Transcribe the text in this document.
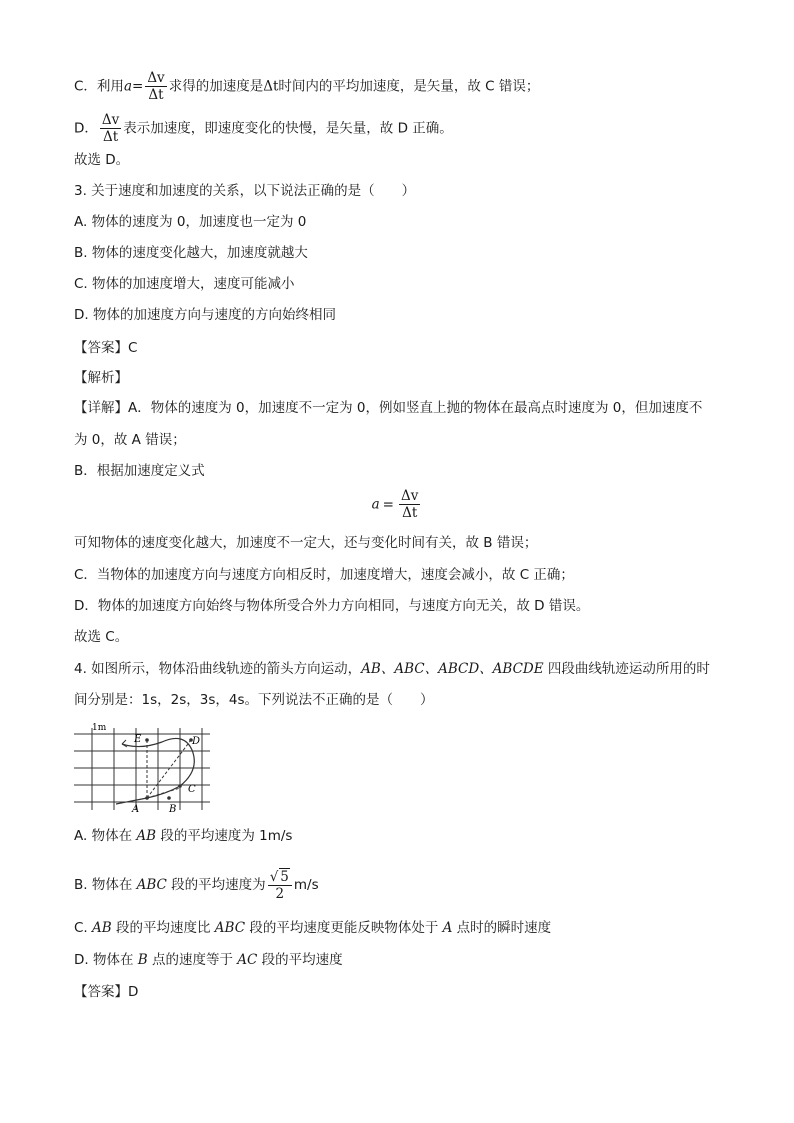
C．利用$a= \frac{\Delta v}{\Delta t}$ 求得的加速度是Δt时间内的平均加速度，是矢量，故 C 错误；
D． $\frac{\Delta v}{\Delta t}$ 表示加速度，即速度变化的快慢，是矢量，故 D 正确。
故选 D。
3. 关于速度和加速度的关系，以下说法正确的是（　　）
A. 物体的速度为 0，加速度也一定为 0
B. 物体的速度变化越大，加速度就越大
C. 物体的加速度增大，速度可能减小
D. 物体的加速度方向与速度的方向始终相同
【答案】C
【解析】
【详解】A．物体的速度为 0，加速度不一定为 0，例如竖直上抛的物体在最高点时速度为 0，但加速度不
为 0，故 A 错误；
B．根据加速度定义式
$a = \frac{\Delta v}{\Delta t}$
可知物体的速度变化越大，加速度不一定大，还与变化时间有关，故 B 错误；
C．当物体的加速度方向与速度方向相反时，加速度增大，速度会减小，故 C 正确；
D．物体的加速度方向始终与物体所受合外力方向相同，与速度方向无关，故 D 错误。
故选 C。
4. 如图所示，物体沿曲线轨迹的箭头方向运动，AB、ABC、ABCD、ABCDE 四段曲线轨迹运动所用的时
间分别是：1s，2s，3s，4s。下列说法不正确的是（　　）
1m
E	D
C
B
A
A. 物体在 AB 段的平均速度为 1m/s
B. 物体在 ABC 段的平均速度为 $\frac{√ 5}{2} m/s$
C. AB 段的平均速度比 ABC 段的平均速度更能反映物体处于 A 点时的瞬时速度
D. 物体在 B 点的速度等于 AC 段的平均速度
【答案】D
